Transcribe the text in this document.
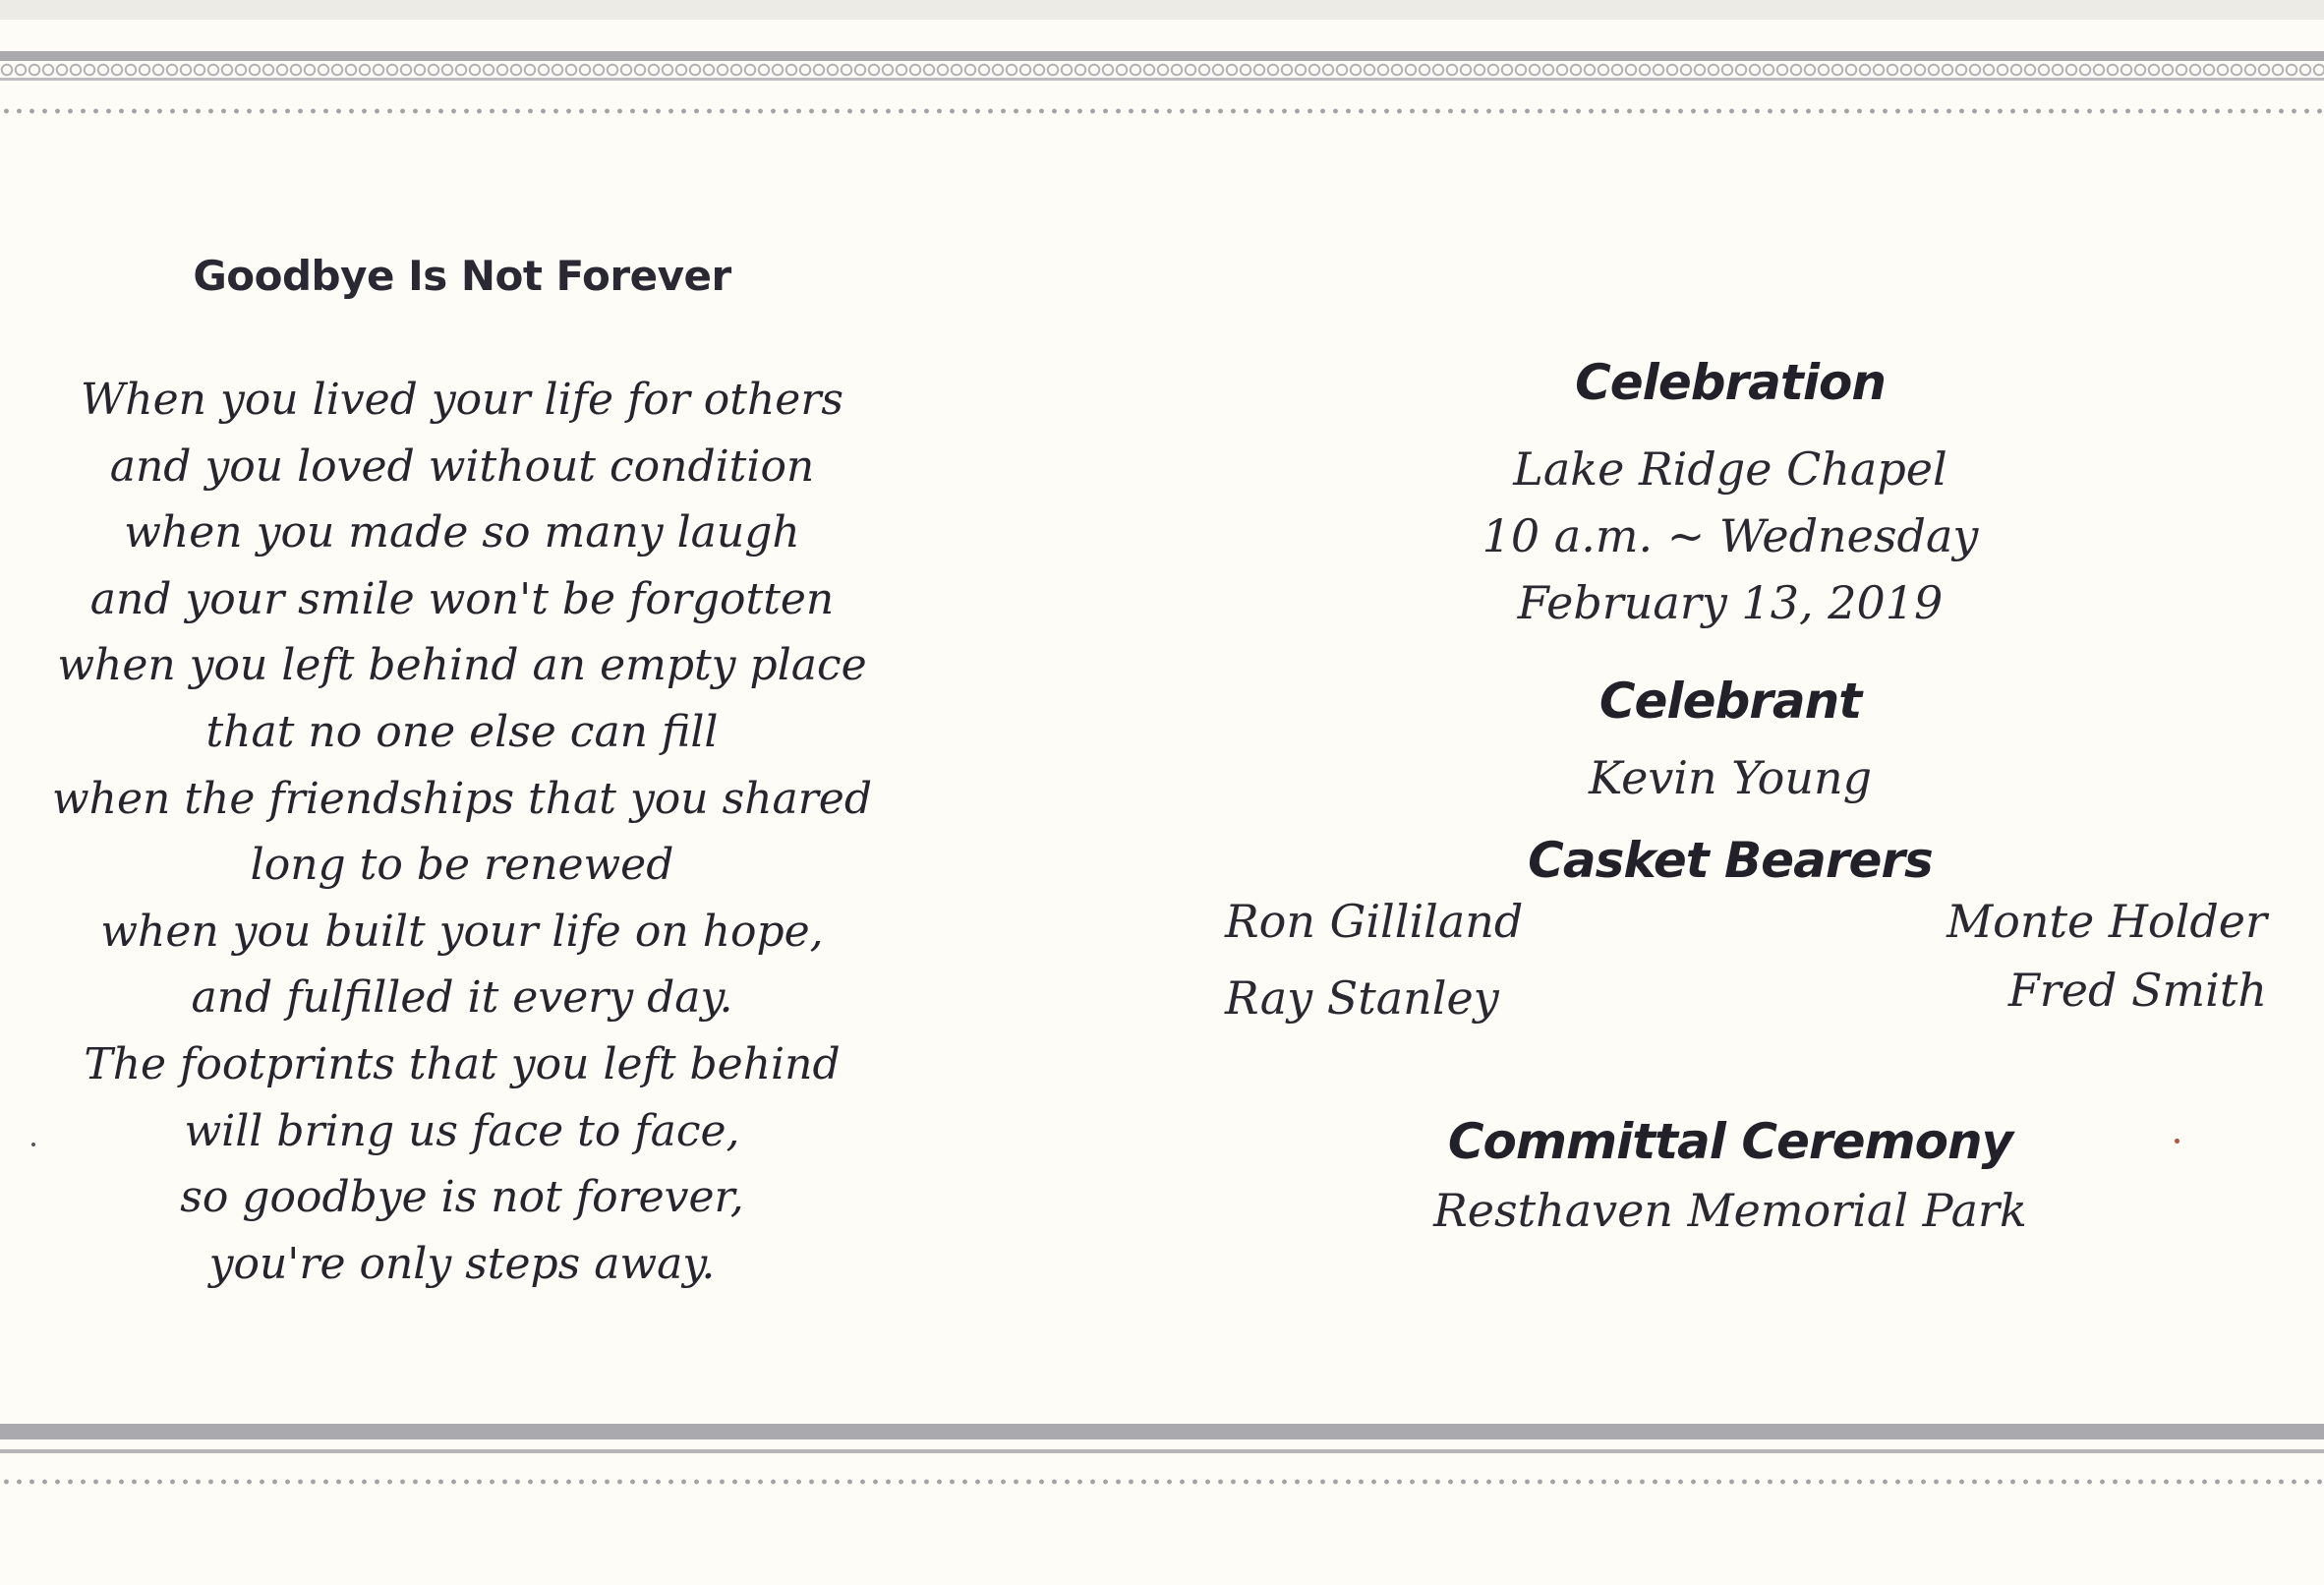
Goodbye Is Not Forever
When you lived your life for others
and you loved without condition
when you made so many laugh
and your smile won't be forgotten
when you left behind an empty place
that no one else can fill
when the friendships that you shared
long to be renewed
when you built your life on hope,
and fulfilled it every day.
The footprints that you left behind
will bring us face to face,
so goodbye is not forever,
you're only steps away.
Celebration
Lake Ridge Chapel
10 a.m. ~ Wednesday
February 13, 2019
Celebrant
Kevin Young
Casket Bearers
Ron Gilliland
Ray Stanley
Monte Holder
Fred Smith
Committal Ceremony
Resthaven Memorial Park
